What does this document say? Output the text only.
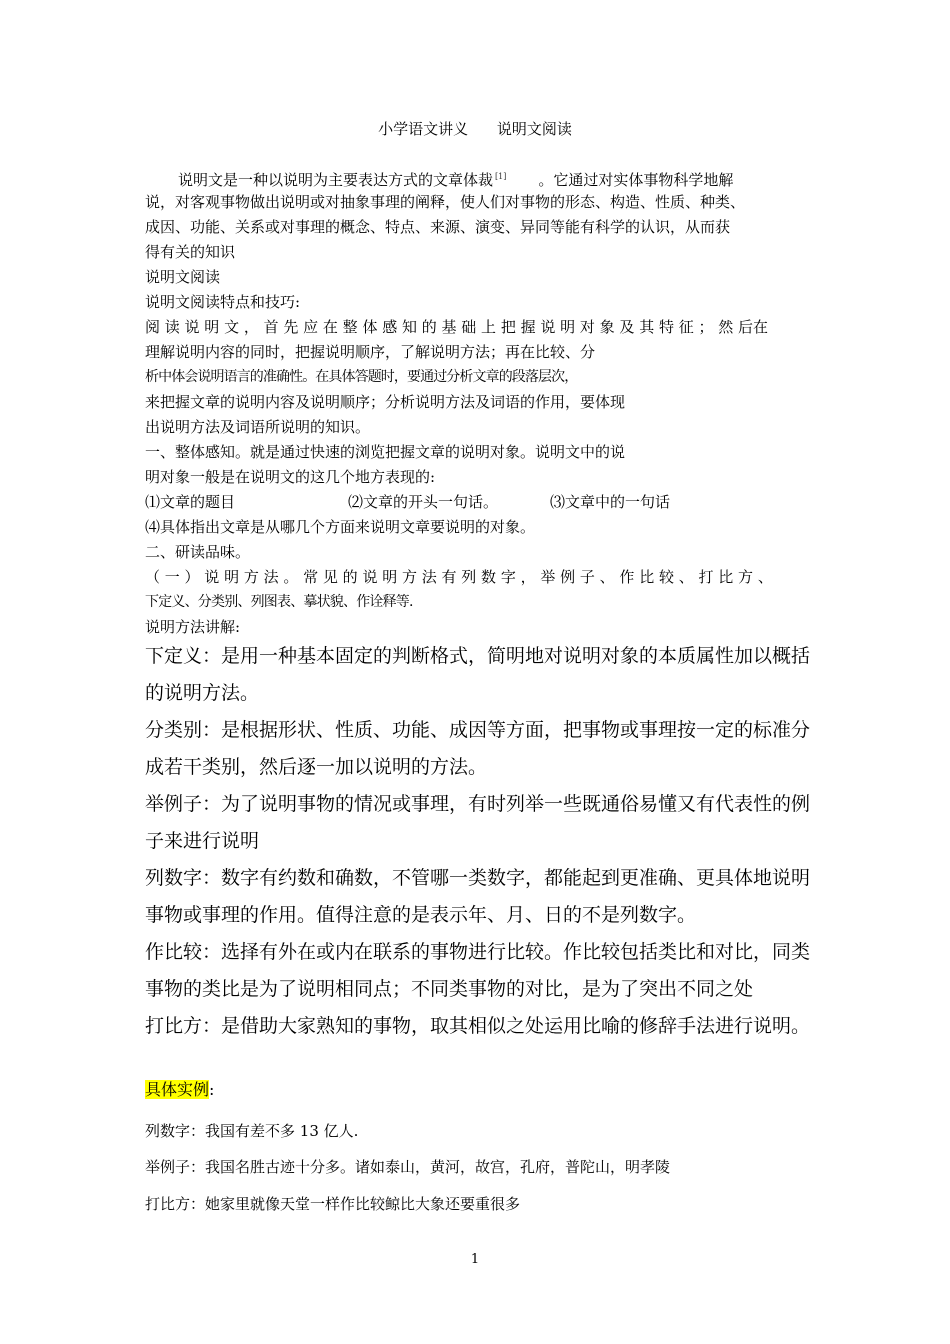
小学语文讲义 说明文阅读
说明文是一种以说明为主要表达方式的文章体裁 [1] 。它通过对实体事物科学地解
说，对客观事物做出说明或对抽象事理的阐释，使人们对事物的形态、构造、性质、种类、
成因、功能、关系或对事理的概念、特点、来源、演变、异同等能有科学的认识，从而获
得有关的知识
说明文阅读
说明文阅读特点和技巧:
阅 读 说 明 文 ， 首 先 应 在 整 体 感 知 的 基 础 上 把 握 说 明 对 象 及 其 特 征 ； 然 后在
理解说明内容的同时，把握说明顺序，了解说明方法；再在比较、分
析中体会说明语言的准确性。在具体答题时，要通过分析文章的段落层次，
来把握文章的说明内容及说明顺序；分析说明方法及词语的作用，要体现
出说明方法及词语所说明的知识。
一、整体感知。就是通过快速的浏览把握文章的说明对象。说明文中的说
明对象一般是在说明文的这几个地方表现的:
⑴文章的题目	⑵文章的开头一句话。	⑶文章中的一句话
⑷具体指出文章是从哪几个方面来说明文章要说明的对象。
二、研读品味。
（ 一 ） 说 明 方 法 。 常 见 的 说 明 方 法 有 列 数 字 ， 举 例 子 、 作 比 较 、 打 比 方 、
下定义、分类别、列图表、摹状貌、作诠释等.
说明方法讲解:
下定义：是用一种基本固定的判断格式，简明地对说明对象的本质属性加以概括
的说明方法。
分类别：是根据形状、性质、功能、成因等方面，把事物或事理按一定的标准分
成若干类别，然后逐一加以说明的方法。
举例子：为了说明事物的情况或事理，有时列举一些既通俗易懂又有代表性的例
子来进行说明
列数字：数字有约数和确数，不管哪一类数字，都能起到更准确、更具体地说明
事物或事理的作用。值得注意的是表示年、月、日的不是列数字。
作比较：选择有外在或内在联系的事物进行比较。作比较包括类比和对比，同类
事物的类比是为了说明相同点；不同类事物的对比，是为了突出不同之处
打比方：是借助大家熟知的事物，取其相似之处运用比喻的修辞手法进行说明。
具体实例:
列数字：我国有差不多 13 亿人.
举例子：我国名胜古迹十分多。诸如泰山，黄河，故宫，孔府，普陀山，明孝陵
打比方：她家里就像天堂一样作比较鲸比大象还要重很多
1
